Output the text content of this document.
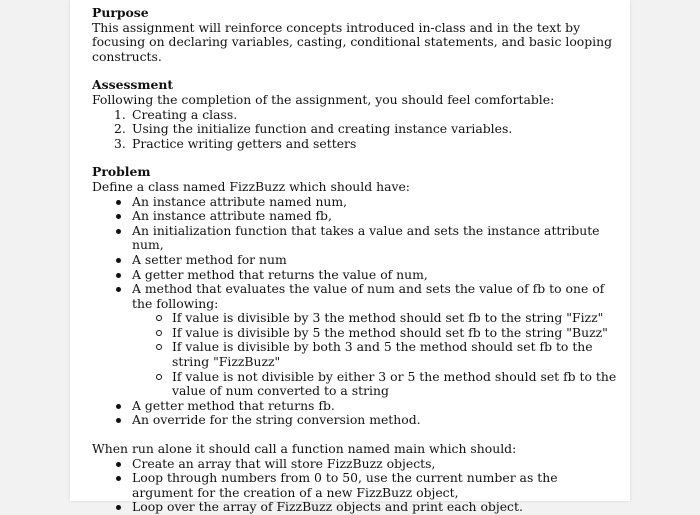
Purpose

This assignment will reinforce concepts introduced in-class and in the text by focusing on declaring variables, casting, conditional statements, and basic looping constructs.

Assessment

Following the completion of the assignment, you should feel comfortable:

1. Creating a class.
2. Using the initialize function and creating instance variables.
3. Practice writing getters and setters

Problem

Define a class named FizzBuzz which should have:

An instance attribute named num,
An instance attribute named fb,
An initialization function that takes a value and sets the instance attribute num,
A setter method for num
A getter method that returns the value of num,
A method that evaluates the value of num and sets the value of fb to one of the following:
If value is divisible by 3 the method should set fb to the string "Fizz"
If value is divisible by 5 the method should set fb to the string "Buzz"
If value is divisible by both 3 and 5 the method should set fb to the string "FizzBuzz"
If value is not divisible by either 3 or 5 the method should set fb to the value of num converted to a string
A getter method that returns fb.
An override for the string conversion method.

When run alone it should call a function named main which should:

Create an array that will store FizzBuzz objects,
Loop through numbers from 0 to 50, use the current number as the argument for the creation of a new FizzBuzz object,
Loop over the array of FizzBuzz objects and print each object.
